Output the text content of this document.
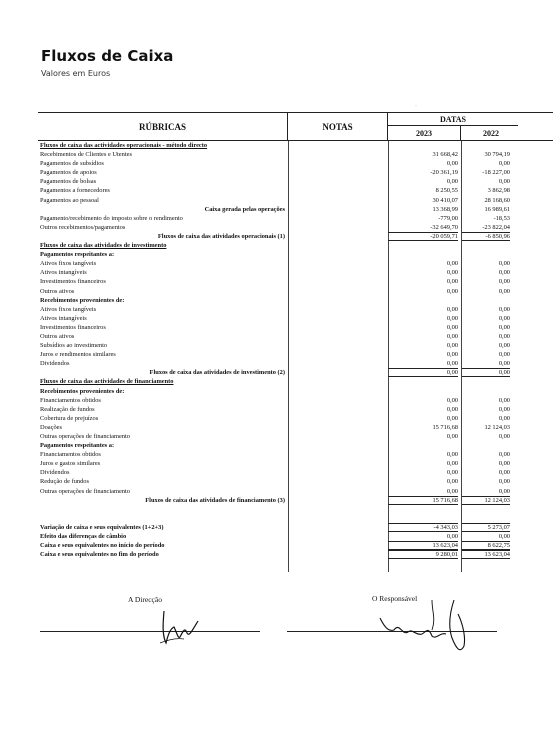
Fluxos de Caixa
Valores em Euros
·
RÚBRICAS	NOTAS
DATAS
2023	2022
Fluxos de caixa das actividades operacionais - método directo
Recebimentos de Clientes e Utentes	31 668,42	30 794,19
Pagamentos de subsídios	0,00	0,00
Pagamentos de apoios	-20 361,19	-18 227,00
Pagamentos de bolsas	0,00	0,00
Pagamentos a fornecedores	8 250,55	3 862,98
Pagamentos ao pessoal	30 410,07	28 168,60
Caixa gerada pelas operações	13 368,99	16 989,61
Pagamento/recebimento do imposto sobre o rendimento	-779,00	-18,53
Outros recebimentos/pagamentos	-32 649,70	-23 822,04
Fluxos de caixa das atividades operacionais (1)	-20 059,71	-6 850,96
Fluxos de caixa das atividades de investimento
Pagamentos respeitantes a:
Ativos fixos tangíveis	0,00	0,00
Ativos intangíveis	0,00	0,00
Investimentos financeiros	0,00	0,00
Outros ativos	0,00	0,00
Recebimentos provenientes de:
Ativos fixos tangíveis	0,00	0,00
Ativos intangíveis	0,00	0,00
Investimentos financeiros	0,00	0,00
Outros ativos	0,00	0,00
Subsídios ao investimento	0,00	0,00
Juros e rendimentos similares	0,00	0,00
Dividendos	0,00	0,00
Fluxos de caixa das atividades de investimento (2)	0,00	0,00
Fluxos de caixa das actividades de financiamento
Recebimentos provenientes de:
Financiamentos obtidos	0,00	0,00
Realização de fundos	0,00	0,00
Cobertura de prejuízos	0,00	0,00
Doações	15 716,68	12 124,03
Outras operações de financiamento	0,00	0,00
Pagamentos respeitantes a:
Financiamentos obtidos	0,00	0,00
Juros e gastos similares	0,00	0,00
Dividendos	0,00	0,00
Redução de fundos	0,00	0,00
Outras operações de financiamento	0,00	0,00
Fluxos de caixa das atividades de financiamento (3)	15 716,68	12 124,03
Variação de caixa e seus equivalentes (1+2+3)	-4 343,03	5 273,07
Efeito das diferenças de câmbio	0,00	0,00
Caixa e seus equivalentes no início do período	13 623,04	8 622,75
Caixa e seus equivalentes no fim do período	9 280,01	13 623,04
A Direcção	O Responsável
